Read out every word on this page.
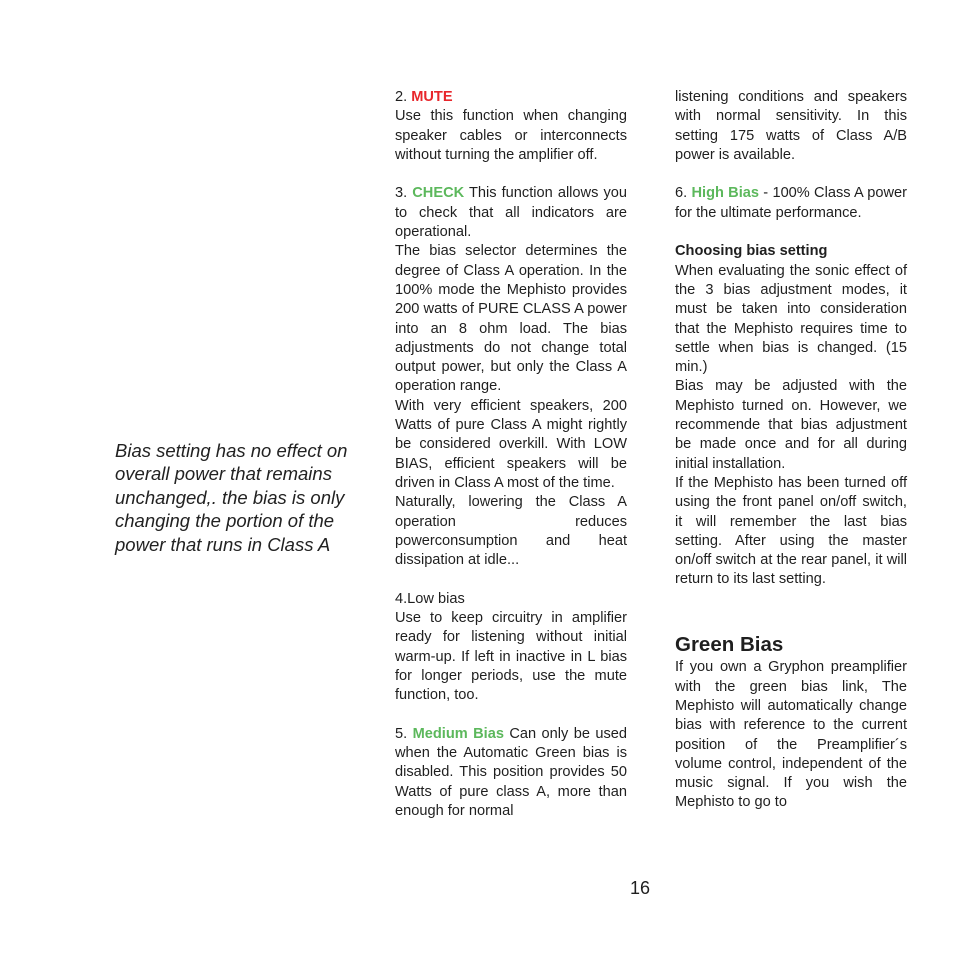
Bias setting has no effect on overall power that remains unchanged,. the bias is only changing the portion of the power that runs in Class A

2. MUTE

Use this function when changing speaker cables or interconnects without turning the amplifier off.

3. CHECK This function allows you to check that all indicators are operational.

The bias selector determines the degree of Class A operation. In the 100% mode the Mephisto provides 200 watts of PURE CLASS A power into an 8 ohm load. The bias adjustments do not change total output power, but only the Class A operation range.

With very efficient speakers, 200 Watts of pure Class A might rightly be considered overkill. With LOW BIAS, efficient speakers will be driven in Class A most of the time.

Naturally, lowering the Class A operation reduces powerconsumption and heat dissipation at idle...

4.Low bias

Use to keep circuitry in amplifier ready for listening without initial warm-up. If left in inactive in L bias for longer periods, use the mute function, too.

5. Medium Bias Can only be used when the Automatic Green bias is disabled. This position provides 50 Watts of pure class A, more than enough for normal

listening conditions and speakers with normal sensitivity. In this setting 175 watts of Class A/B power is available.

6. High Bias - 100% Class A power for the ultimate performance.

Choosing bias setting

When evaluating the sonic effect of the 3 bias adjustment modes, it must be taken into consideration that the Mephisto requires time to settle when bias is changed. (15 min.)

Bias may be adjusted with the Mephisto turned on. However, we recommende that bias adjustment be made once and for all during initial installation.

If the Mephisto has been turned off using the front panel on/off switch, it will remember the last bias setting. After using the master on/off switch at the rear panel, it will return to its last setting.

Green Bias

If you own a Gryphon preamplifier with the green bias link, The Mephisto will automatically change bias with reference to the current position of the Preamplifier´s volume control, independent of the music signal. If you wish the Mephisto to go to

16
